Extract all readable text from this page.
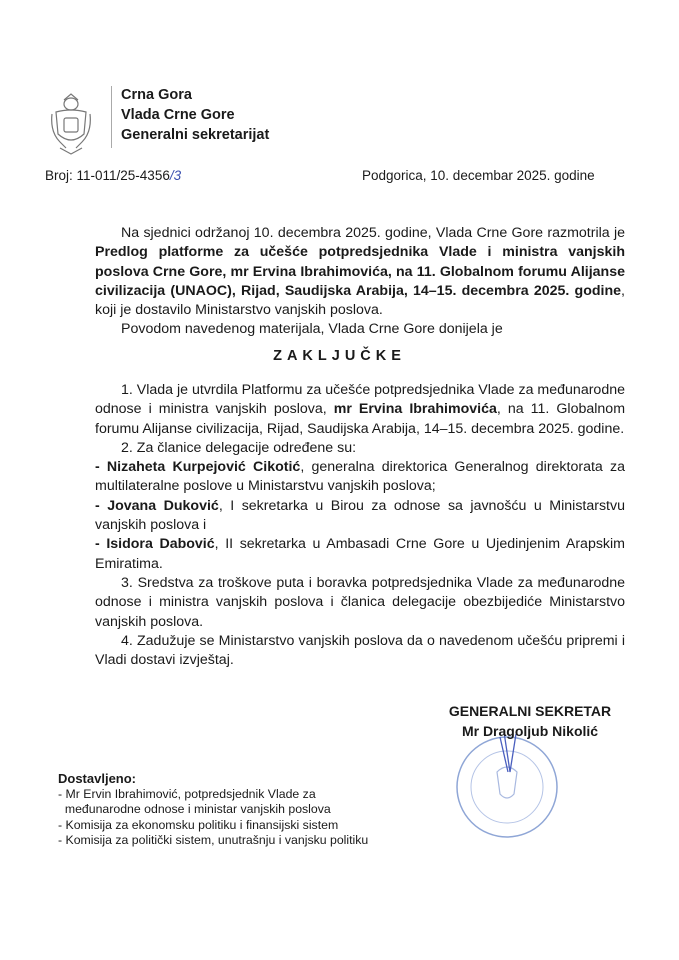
Crna Gora
Vlada Crne Gore
Generalni sekretarijat
Broj: 11-011/25-4356/3	Podgorica, 10. decembar 2025. godine

Na sjednici održanoj 10. decembra 2025. godine, Vlada Crne Gore razmotrila je Predlog platforme za učešće potpredsjednika Vlade i ministra vanjskih poslova Crne Gore, mr Ervina Ibrahimovića, na 11. Globalnom forumu Alijanse civilizacija (UNAOC), Rijad, Saudijska Arabija, 14–15. decembra 2025. godine, koji je dostavilo Ministarstvo vanjskih poslova.

Povodom navedenog materijala, Vlada Crne Gore donijela je

ZAKLJUČKE

1. Vlada je utvrdila Platformu za učešće potpredsjednika Vlade za međunarodne odnose i ministra vanjskih poslova, mr Ervina Ibrahimovića, na 11. Globalnom forumu Alijanse civilizacija, Rijad, Saudijska Arabija, 14–15. decembra 2025. godine.

2. Za članice delegacije određene su:

- Nizaheta Kurpejović Cikotić, generalna direktorica Generalnog direktorata za multilateralne poslove u Ministarstvu vanjskih poslova;

- Jovana Duković, I sekretarka u Birou za odnose sa javnošću u Ministarstvu vanjskih poslova i

- Isidora Dabović, II sekretarka u Ambasadi Crne Gore u Ujedinjenim Arapskim Emiratima.

3. Sredstva za troškove puta i boravka potpredsjednika Vlade za međunarodne odnose i ministra vanjskih poslova i članica delegacije obezbijediće Ministarstvo vanjskih poslova.

4. Zadužuje se Ministarstvo vanjskih poslova da o navedenom učešću pripremi i Vladi dostavi izvještaj.

GENERALNI SEKRETAR
Mr Dragoljub Nikolić
Dostavljeno:
- Mr Ervin Ibrahimović, potpredsjednik Vlade za
međunarodne odnose i ministar vanjskih poslova
- Komisija za ekonomsku politiku i finansijski sistem
- Komisija za politički sistem, unutrašnju i vanjsku politiku
